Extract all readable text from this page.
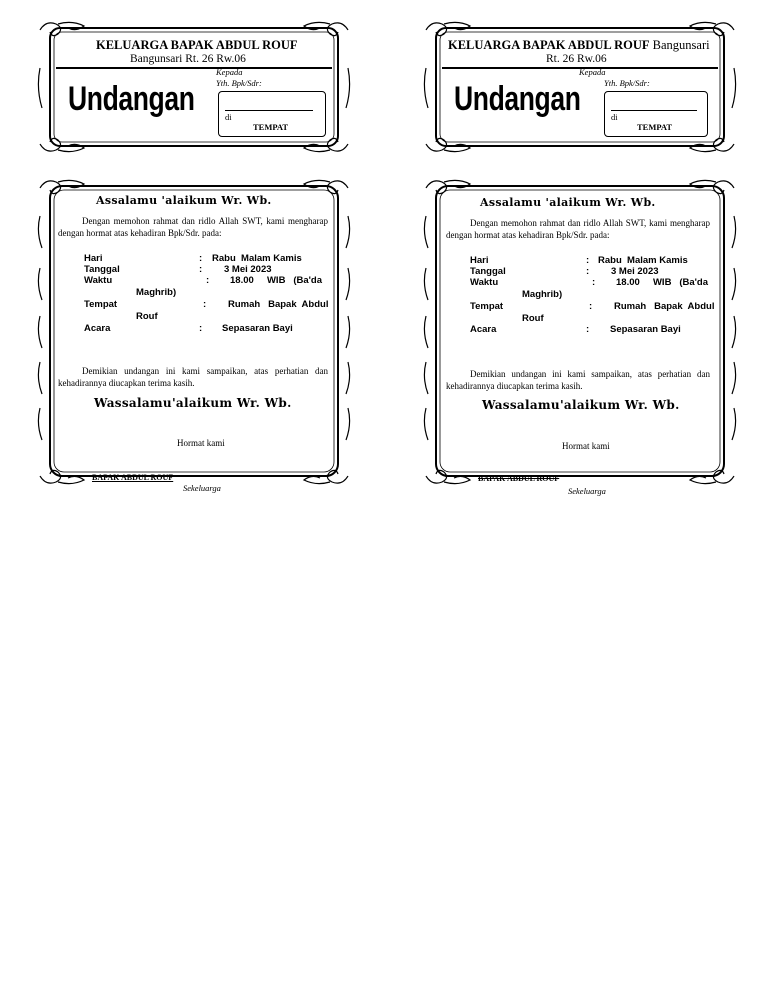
KELUARGA BAPAK ABDUL ROUF
Bangunsari Rt. 26 Rw.06
Undangan
Kepada
Yth. Bpk/Sdr:
di
TEMPAT
KELUARGA BAPAK ABDUL ROUF Bangunsari
Rt. 26 Rw.06
Undangan
Kepada
Yth. Bpk/Sdr:
di
TEMPAT
Assalamu 'alaikum Wr. Wb.
Dengan memohon rahmat dan ridlo Allah SWT, kami mengharap dengan hormat atas kehadiran Bpk/Sdr. pada:
Hari	: Rabu  Malam Kamis
Tanggal	: 3 Mei 2023
Waktu	: 18.00     WIB   (Ba'da
Maghrib)
Tempat	: Rumah   Bapak  Abdul
Rouf
Acara	: Sepasaran Bayi
Demikian undangan ini kami sampaikan, atas perhatian dan kehadirannya diucapkan terima kasih.
Wassalamu'alaikum Wr. Wb.
Hormat kami
BAPAK ABDUL ROUF
Sekeluarga
Assalamu 'alaikum Wr. Wb.
Dengan memohon rahmat dan ridlo Allah SWT, kami mengharap dengan hormat atas kehadiran Bpk/Sdr. pada:
Hari	: Rabu  Malam Kamis
Tanggal	: 3 Mei 2023
Waktu	: 18.00     WIB   (Ba'da
Maghrib)
Tempat	: Rumah   Bapak  Abdul
Rouf
Acara	: Sepasaran Bayi
Demikian undangan ini kami sampaikan, atas perhatian dan kehadirannya diucapkan terima kasih.
Wassalamu'alaikum Wr. Wb.
Hormat kami
BAPAK ABDUL ROUF
Sekeluarga
